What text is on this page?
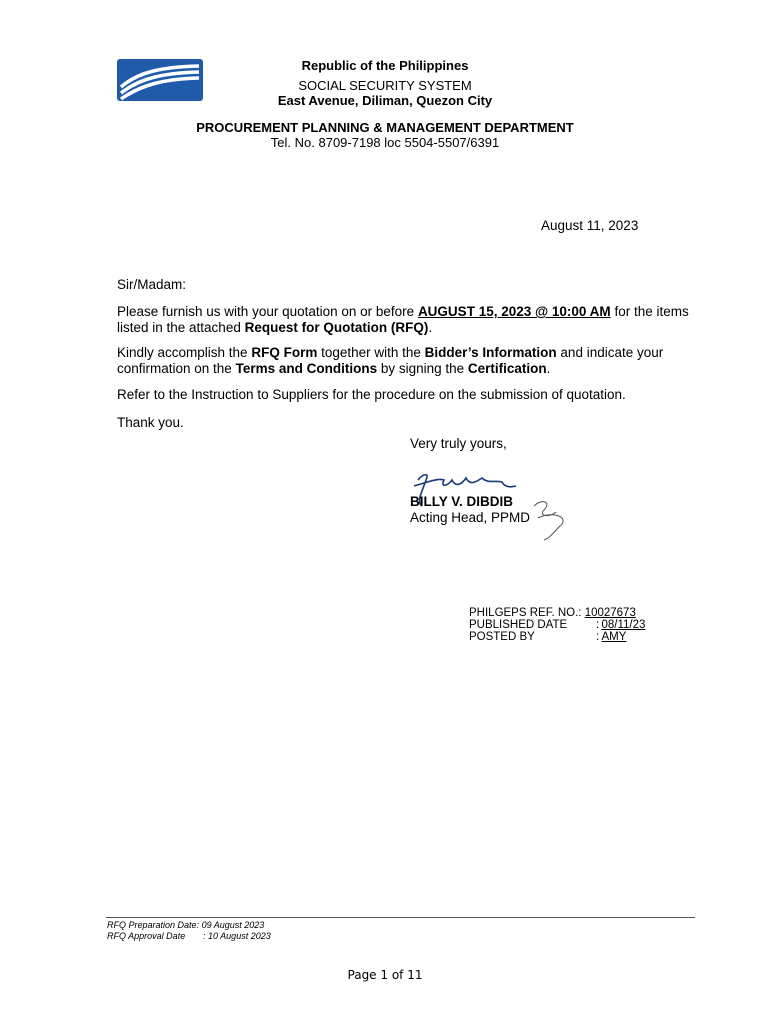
Republic of the Philippines
SOCIAL SECURITY SYSTEM
East Avenue, Diliman, Quezon City
PROCUREMENT PLANNING & MANAGEMENT DEPARTMENT
Tel. No. 8709-7198 loc 5504-5507/6391
August 11, 2023
Sir/Madam:
Please furnish us with your quotation on or before AUGUST 15, 2023 @ 10:00 AM for the items listed in the attached Request for Quotation (RFQ).
Kindly accomplish the RFQ Form together with the Bidder’s Information and indicate your confirmation on the Terms and Conditions by signing the Certification.
Refer to the Instruction to Suppliers for the procedure on the submission of quotation.
Thank you.
Very truly yours,
BILLY V. DIBDIB
Acting Head, PPMD
PHILGEPS REF. NO.: 10027673
PUBLISHED DATE	: 08/11/23
POSTED BY	: AMY
RFQ Preparation Date: 09 August 2023
RFQ Approval Date : 10 August 2023
Page 1 of 11
